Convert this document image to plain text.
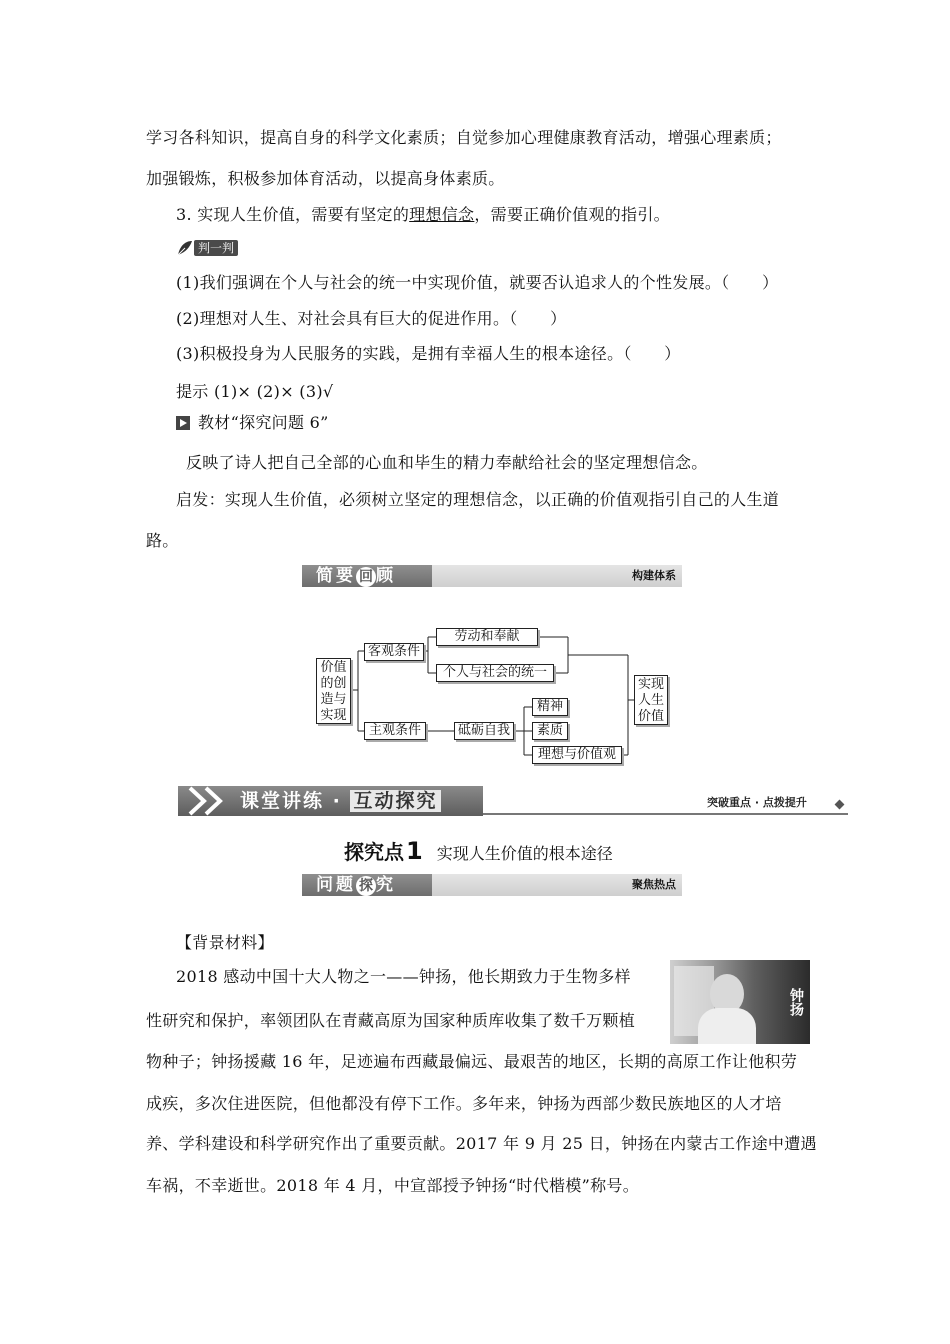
学习各科知识，提高自身的科学文化素质；自觉参加心理健康教育活动，增强心理素质；
加强锻炼，积极参加体育活动，以提高身体素质。
3. 实现人生价值，需要有坚定的理想信念，需要正确价值观的指引。
判一判
(1)我们强调在个人与社会的统一中实现价值，就要否认追求人的个性发展。（　　）
(2)理想对人生、对社会具有巨大的促进作用。（　　）
(3)积极投身为人民服务的实践，是拥有幸福人生的根本途径。（　　）
提示 (1)× (2)× (3)√
教材“探究问题 6”
反映了诗人把自己全部的心血和毕生的精力奉献给社会的坚定理想信念。
启发：实现人生价值，必须树立坚定的理想信念，以正确的价值观指引自己的人生道
路。
简要 回 顾	构建体系
价值的创造与实现
客观条件
劳动和奉献
个人与社会的统一
主观条件	砥砺自我
精神
素质
理想与价值观
实现人生价值
课堂讲练 · 互动探究	突破重点 · 点拨提升
探究点 1 实现人生价值的根本途径
问题 探 究	聚焦热点
【背景材料】
2018 感动中国十大人物之一——钟扬，他长期致力于生物多样
性研究和保护，率领团队在青藏高原为国家种质库收集了数千万颗植
物种子；钟扬援藏 16 年，足迹遍布西藏最偏远、最艰苦的地区，长期的高原工作让他积劳
成疾，多次住进医院，但他都没有停下工作。多年来，钟扬为西部少数民族地区的人才培
养、学科建设和科学研究作出了重要贡献。2017 年 9 月 25 日，钟扬在内蒙古工作途中遭遇
车祸，不幸逝世。2018 年 4 月，中宣部授予钟扬“时代楷模”称号。
钟扬
